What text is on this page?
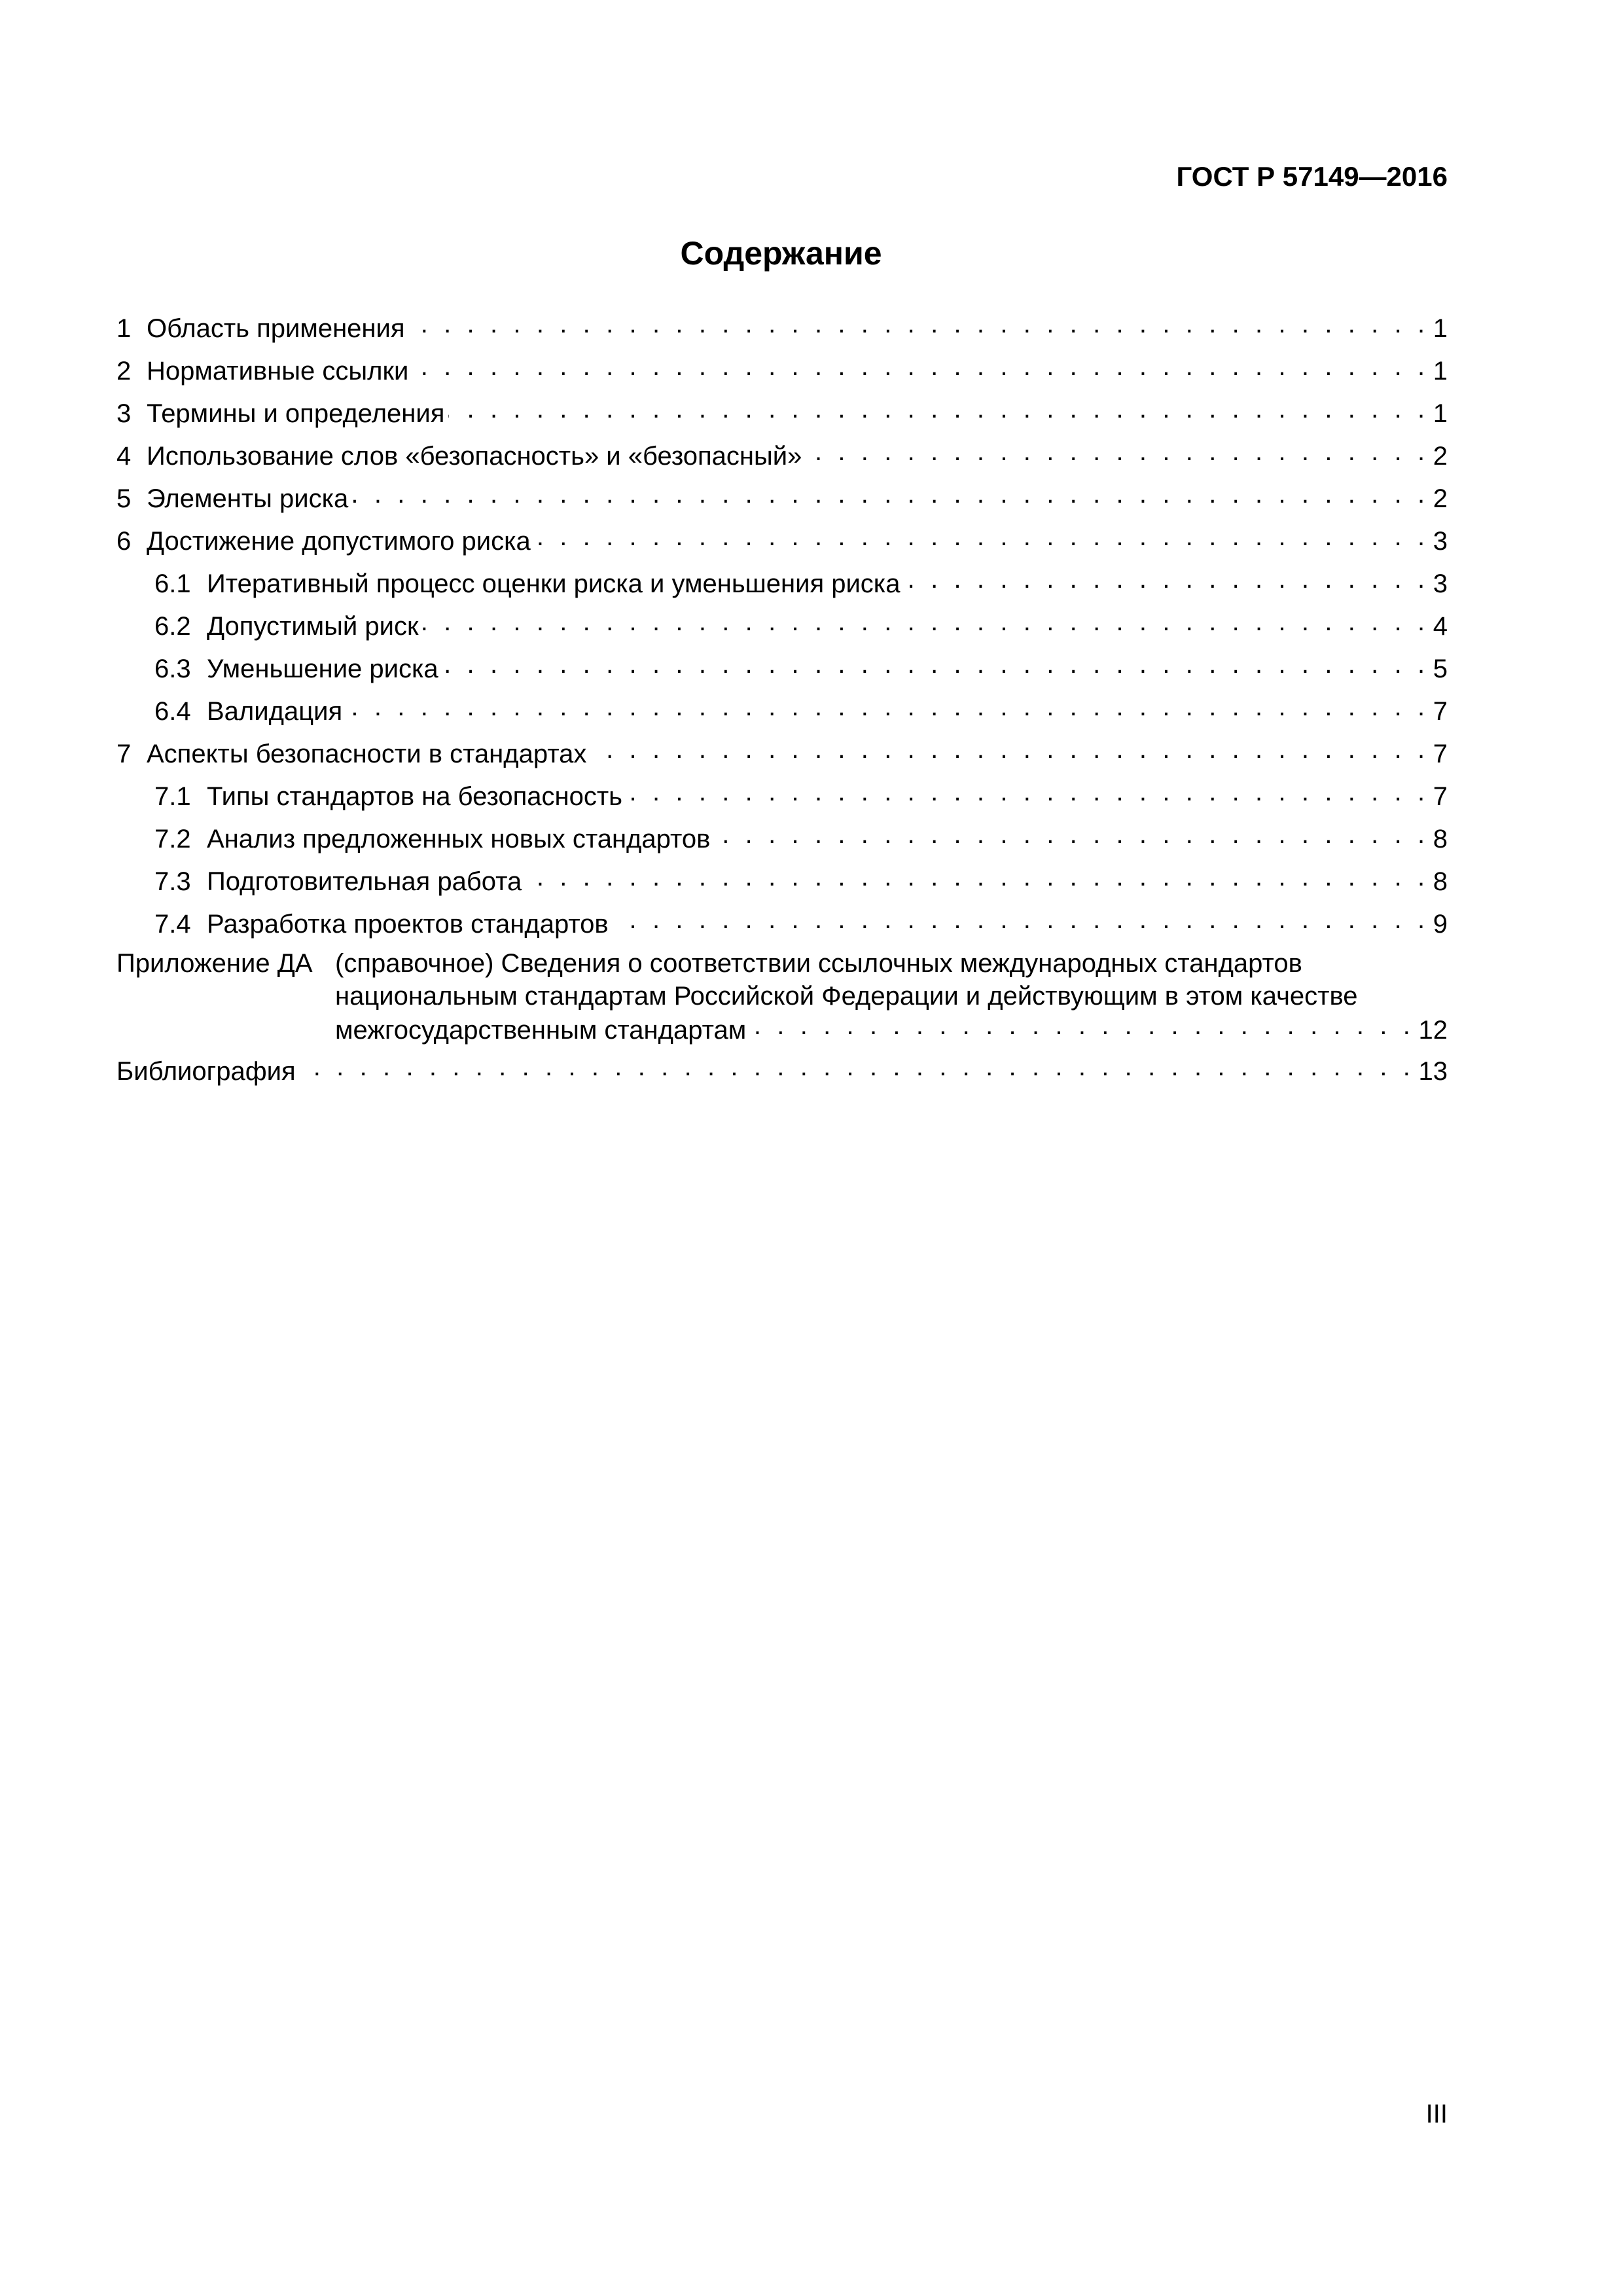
ГОСТ Р 57149—2016
Содержание
1 Область применения . . .	1
2 Нормативные ссылки . . .	1
3 Термины и определения . . .	1
4 Использование слов «безопасность» и «безопасный» . . .	2
5 Элементы риска . . .	2
6 Достижение допустимого риска . . .	3
6.1 Итеративный процесс оценки риска и уменьшения риска . . .	3
6.2 Допустимый риск . . .	4
6.3 Уменьшение риска . . .	5
6.4 Валидация . . .	7
7 Аспекты безопасности в стандартах . . .	7
7.1 Типы стандартов на безопасность . . .	7
7.2 Анализ предложенных новых стандартов . . .	8
7.3 Подготовительная работа . . .	8
7.4 Разработка проектов стандартов . . .	9
Приложение ДА (справочное) Сведения о соответствии ссылочных международных стандартов
национальным стандартам Российской Федерации и действующим в этом качестве
межгосударственным стандартам . . .	12
Библиография . . .	13
III
